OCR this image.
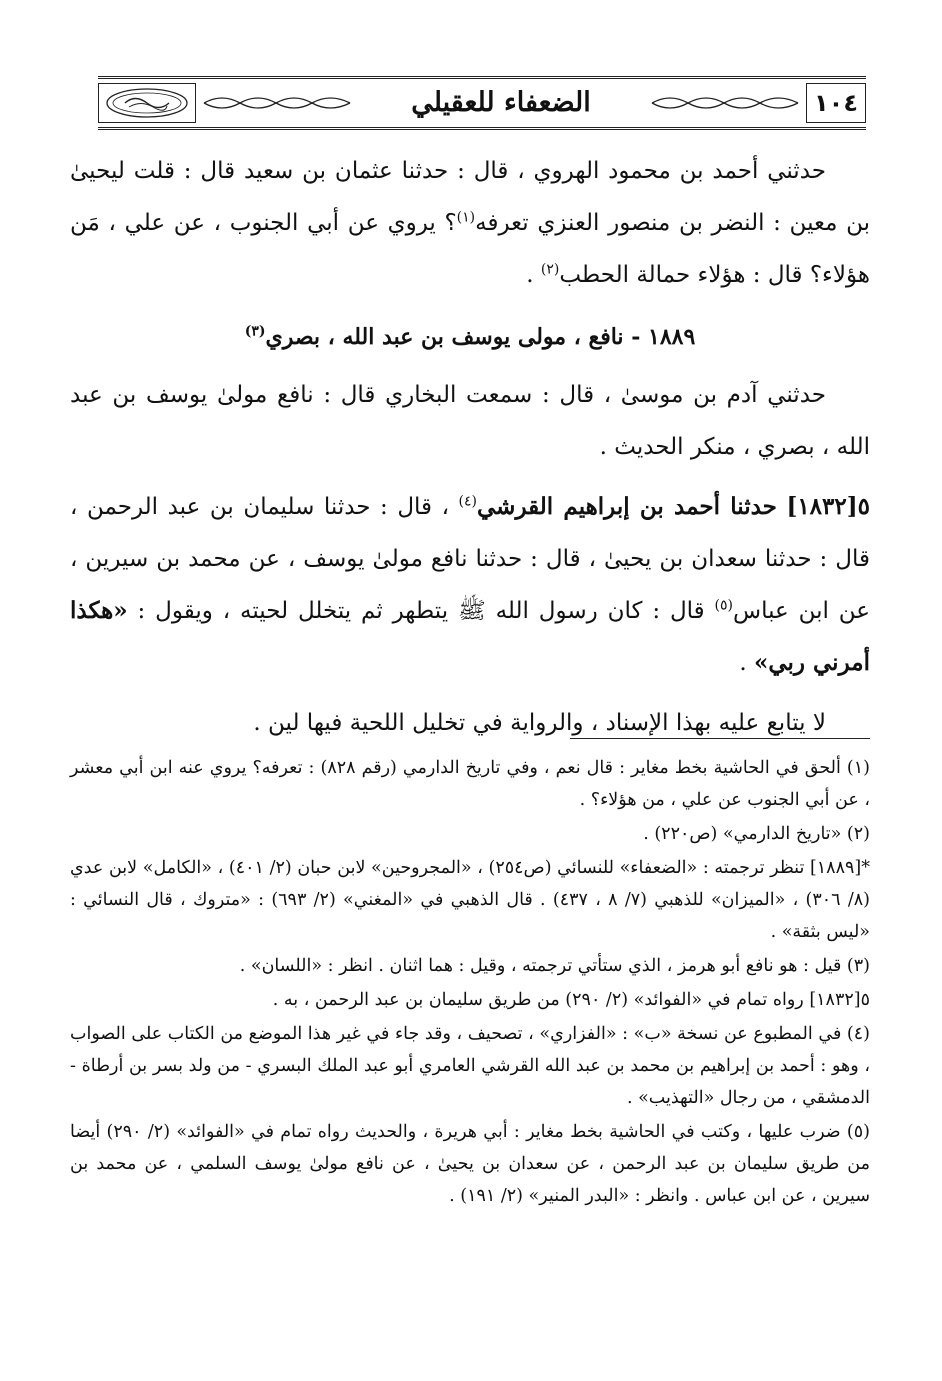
١٠٤
الضعفاء للعقيلي

حدثني أحمد بن محمود الهروي ، قال : حدثنا عثمان بن سعيد قال : قلت ليحيىٰ بن معين : النضر بن منصور العنزي تعرفه$^{(١)}$؟ يروي عن أبي الجنوب ، عن علي ، مَن هؤلاء؟ قال : هؤلاء حمالة الحطب$^{(٢)}$ .

١٨٨٩ - نافع ، مولى يوسف بن عبد الله ، بصري$^{(٣)}$

حدثني آدم بن موسىٰ ، قال : سمعت البخاري قال : نافع مولىٰ يوسف بن عبد الله ، بصري ، منكر الحديث .

٥[١٨٣٢] حدثنا أحمد بن إبراهيم القرشي$^{(٤)}$ ، قال : حدثنا سليمان بن عبد الرحمن ، قال : حدثنا سعدان بن يحيىٰ ، قال : حدثنا نافع مولىٰ يوسف ، عن محمد بن سيرين ، عن ابن عباس$^{(٥)}$ قال : كان رسول الله ﷺ يتطهر ثم يتخلل لحيته ، ويقول : «هكذا أمرني ربي» .

لا يتابع عليه بهذا الإسناد ، والرواية في تخليل اللحية فيها لين .

(١) ألحق في الحاشية بخط مغاير : قال نعم ، وفي تاريخ الدارمي (رقم ٨٢٨) : تعرفه؟ يروي عنه ابن أبي معشر ، عن أبي الجنوب عن علي ، من هؤلاء؟ .

(٢) «تاريخ الدارمي» (ص٢٢٠) .

*[١٨٨٩] تنظر ترجمته : «الضعفاء» للنسائي (ص٢٥٤) ، «المجروحين» لابن حبان (٢/ ٤٠١) ، «الكامل» لابن عدي (٨/ ٣٠٦) ، «الميزان» للذهبي (٧/ ٨ ، ٤٣٧) . قال الذهبي في «المغني» (٢/ ٦٩٣) : «متروك ، قال النسائي : «ليس بثقة» .

(٣) قيل : هو نافع أبو هرمز ، الذي ستأتي ترجمته ، وقيل : هما اثنان . انظر : «اللسان» .

٥[١٨٣٢] رواه تمام في «الفوائد» (٢/ ٢٩٠) من طريق سليمان بن عبد الرحمن ، به .

(٤) في المطبوع عن نسخة «ب» : «الفزاري» ، تصحيف ، وقد جاء في غير هذا الموضع من الكتاب على الصواب ، وهو : أحمد بن إبراهيم بن محمد بن عبد الله القرشي العامري أبو عبد الملك البسري - من ولد بسر بن أرطاة - الدمشقي ، من رجال «التهذيب» .

(٥) ضرب عليها ، وكتب في الحاشية بخط مغاير : أبي هريرة ، والحديث رواه تمام في «الفوائد» (٢/ ٢٩٠) أيضا من طريق سليمان بن عبد الرحمن ، عن سعدان بن يحيىٰ ، عن نافع مولىٰ يوسف السلمي ، عن محمد بن سيرين ، عن ابن عباس . وانظر : «البدر المنير» (٢/ ١٩١) .
